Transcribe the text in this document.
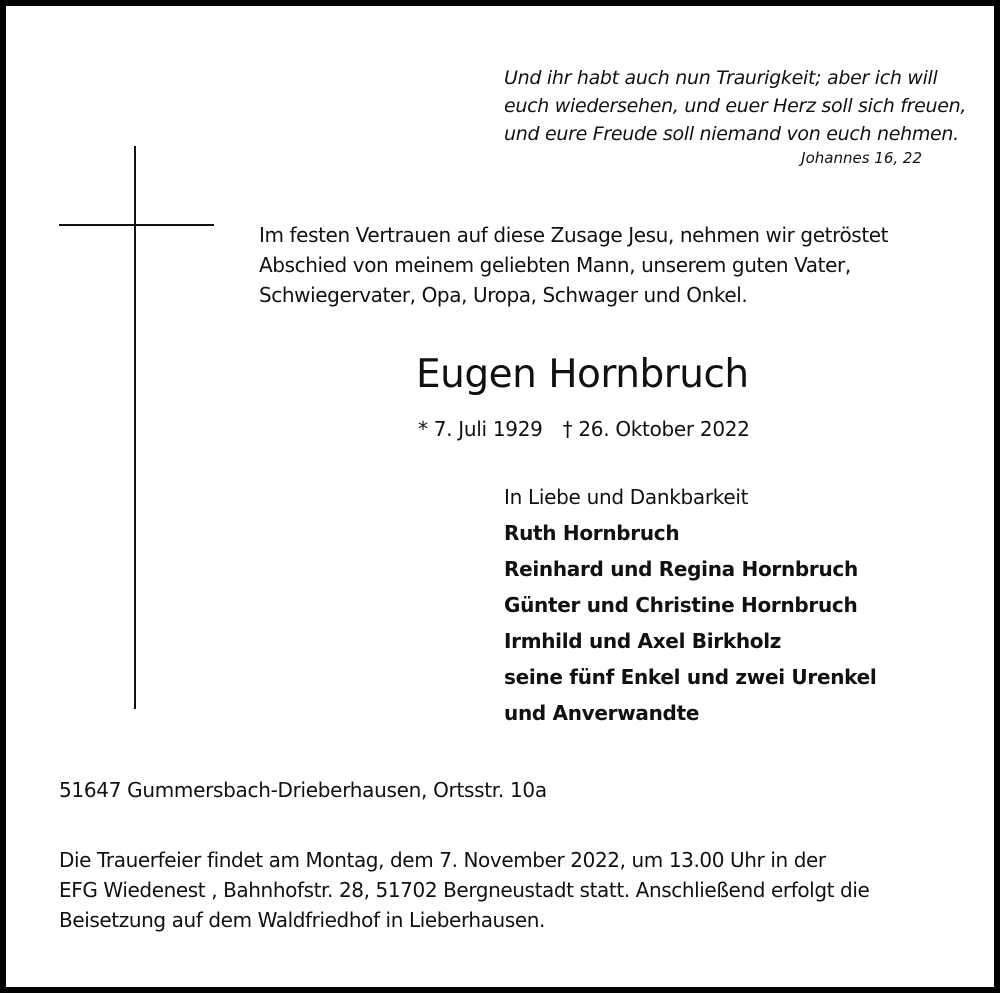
Und ihr habt auch nun Traurigkeit; aber ich will
euch wiedersehen, und euer Herz soll sich freuen,
und eure Freude soll niemand von euch nehmen.
Johannes 16, 22
Im festen Vertrauen auf diese Zusage Jesu, nehmen wir getröstet
Abschied von meinem geliebten Mann, unserem guten Vater,
Schwiegervater, Opa, Uropa, Schwager und Onkel.
Eugen Hornbruch
* 7. Juli 1929 † 26. Oktober 2022
In Liebe und Dankbarkeit
Ruth Hornbruch
Reinhard und Regina Hornbruch
Günter und Christine Hornbruch
Irmhild und Axel Birkholz
seine fünf Enkel und zwei Urenkel
und Anverwandte
51647 Gummersbach-Drieberhausen, Ortsstr. 10a
Die Trauerfeier findet am Montag, dem 7. November 2022, um 13.00 Uhr in der
EFG Wiedenest , Bahnhofstr. 28, 51702 Bergneustadt statt. Anschließend erfolgt die
Beisetzung auf dem Waldfriedhof in Lieberhausen.
